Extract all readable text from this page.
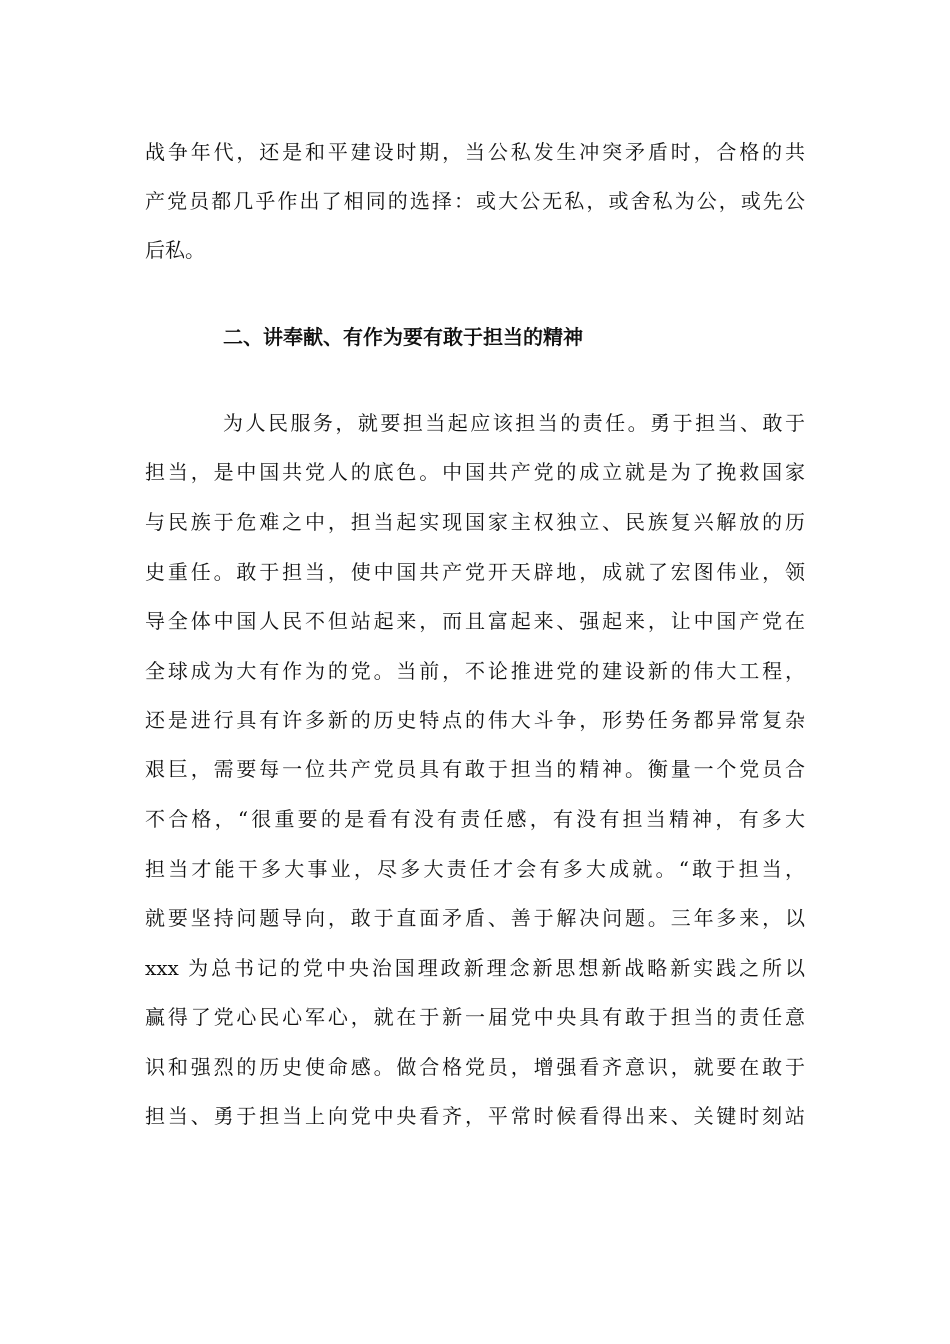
战争年代，还是和平建设时期，当公私发生冲突矛盾时，合格的共
产党员都几乎作出了相同的选择：或大公无私，或舍私为公，或先公
后私。
二、讲奉献、有作为要有敢于担当的精神
为人民服务，就要担当起应该担当的责任。勇于担当、敢于
担当，是中国共党人的底色。中国共产党的成立就是为了挽救国家
与民族于危难之中，担当起实现国家主权独立、民族复兴解放的历
史重任。敢于担当，使中国共产党开天辟地，成就了宏图伟业，领
导全体中国人民不但站起来，而且富起来、强起来，让中国产党在
全球成为大有作为的党。当前，不论推进党的建设新的伟大工程，
还是进行具有许多新的历史特点的伟大斗争，形势任务都异常复杂
艰巨，需要每一位共产党员具有敢于担当的精神。衡量一个党员合
不合格，“很重要的是看有没有责任感，有没有担当精神，有多大
担当才能干多大事业，尽多大责任才会有多大成就。“敢于担当，
就要坚持问题导向，敢于直面矛盾、善于解决问题。三年多来，以
xxx 为总书记的党中央治国理政新理念新思想新战略新实践之所以
赢得了党心民心军心，就在于新一届党中央具有敢于担当的责任意
识和强烈的历史使命感。做合格党员，增强看齐意识，就要在敢于
担当、勇于担当上向党中央看齐，平常时候看得出来、关键时刻站
